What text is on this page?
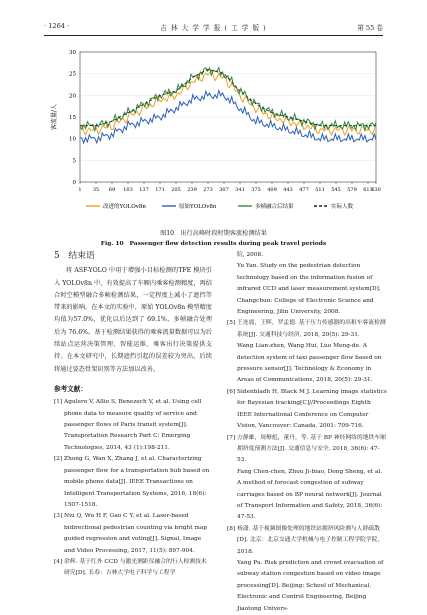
· 1264 ·	吉 林 大 学 学 报 ( 工 学 版 )	第 55 卷
0
5
10
15
20
25
30
1 35 69 103 137 171 205 239 273 307 341 375 409 443 477 511 545 579 613
630
客流量/人
改进的YOLOv8n	原始YOLOv8n	多帧融合后结果	实际人数
图10　出行高峰时段时期客流检测结果
Fig. 10　Passenger flow detection results during peak travel periods
5　结束语

将 ASF-YOLO 中用于增强小目标检测的TFE 模块引入 YOLOv8n 中，有效提高了车厢内乘客检测精度，再结合时空模型融合多帧检测结果，一定程度上减小了遮挡等带来的影响。在本文的实验中，原始 YOLOv8n 模型精度均值为57.0%，优化以后达到了 69.1%，多帧融合处理后为 76.6%。基于检测结果获得的乘客流量数据可以为后续站点运营决策管理、智能运维、乘客出行决策提供支持。在本文研究中，长期遮挡引起的误差较为突出，后续将通过姿态骨架识别等方法加以改善。

参考文献：

[1] Agulero V, Allio S, Benezech V, et al. Using cell phone data to measure quality of service and passenger flows of Paris transit system[J]. Transportation Research Part C: Emerging Technologies, 2014, 43 (1):198-211.

[2] Zhong G, Wan X, Zhang J, et al. Characterizing passenger flow for a transportation hub based on mobile phone data[J]. IEEE Transactions on Intelligent Transportation Systems, 2016, 18(6): 1507-1518.

[3] Niu Q, Wu H F, Gao C Y, et al. Laser-based bidirectional pedestrian counting via bright map guided regression and voting[J]. Signal, Image and Video Processing, 2017, 11(5): 897-904.

[4] 余辉. 基于红外 CCD 与激光测距仪融合的行人检测技术研究[D]. 长春：吉林大学电子科学与工程学

院, 2008.

Yu Yan. Study on the pedestrian detection technology based on the information fusion of infrared CCD and laser measurement system[D]. Changchun: College of Electronic Science and Engineering, Jilin University, 2008.

[5] 王连震，王晖，罗孟德. 基于压力传感器的出租车客流检测系统[J]. 交通科技与经济, 2018, 20(5): 29-31.

Wang Lian-zhen, Wang Hui, Luo Meng-de. A detection system of taxi passenger flow based on pressure sensor[J]. Technology & Economy in Areas of Communications, 2018, 20(5): 29-31.

[6] Sidenbladh H, Black M J. Learning image statistics for Bayesian tracking[C]//Proceedings Eighth IEEE International Conference on Computer Vision, Vancouver: Canada, 2001: 709-716.

[7] 方静雄，周燎彪，董丹，等. 基于 BP 神经网络的地铁车厢拥挤度预测方法[J]. 交通信息与安全, 2018, 36(6): 47-53.

Fang Chen-chen, Zhou Ji-biao, Dong Sheng, et al. A method of forecast congestion of subway carriages based on BP neural network[J]. Journal of Transport Information and Safety, 2018, 36(6): 47-53.

[8] 杨潇. 基于视频图像处理的地铁站拥挤风险测与人群疏散[D]. 北京：北京交通大学机械与电子控制工程学院学院, 2018.

Yang Pu. Risk prediction and crowd evacuation of subway station congestion based on video image processing[D]. Beijing: School of Mechanical, Electronic and Control Engineering, Beijing Jiaotong Univers-
